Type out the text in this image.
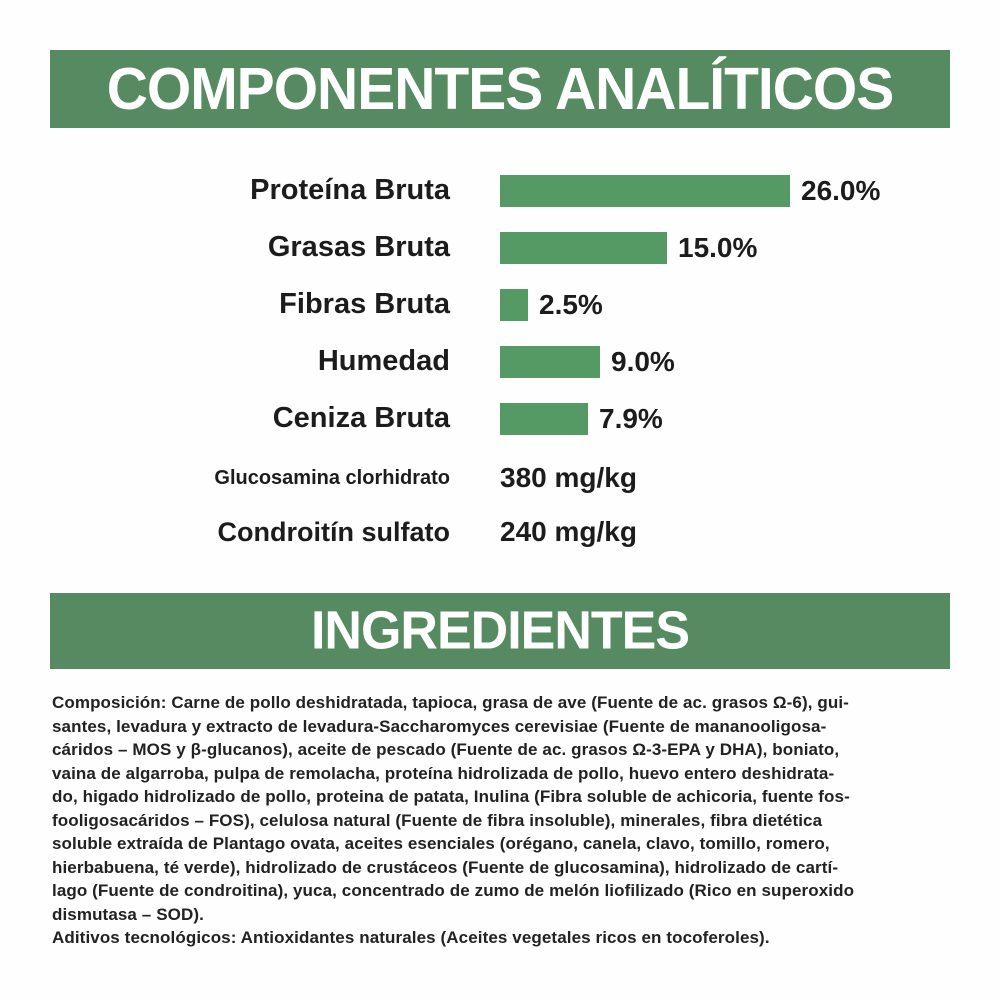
COMPONENTES ANALÍTICOS
Proteína Bruta	26.0%
Grasas Bruta	15.0%
Fibras Bruta	2.5%
Humedad	9.0%
Ceniza Bruta	7.9%
Glucosamina clorhidrato 380 mg/kg
Condroitín sulfato 240 mg/kg
INGREDIENTES
Composición: Carne de pollo deshidratada, tapioca, grasa de ave (Fuente de ac. grasos Ω-6), gui-
santes, levadura y extracto de levadura-Saccharomyces cerevisiae (Fuente de mananooligosa-
cáridos – MOS y β-glucanos), aceite de pescado (Fuente de ac. grasos Ω-3-EPA y DHA), boniato,
vaina de algarroba, pulpa de remolacha, proteína hidrolizada de pollo, huevo entero deshidrata-
do, higado hidrolizado de pollo, proteina de patata, Inulina (Fibra soluble de achicoria, fuente fos-
fooligosacáridos – FOS), celulosa natural (Fuente de fibra insoluble), minerales, fibra dietética
soluble extraída de Plantago ovata, aceites esenciales (orégano, canela, clavo, tomillo, romero,
hierbabuena, té verde), hidrolizado de crustáceos (Fuente de glucosamina), hidrolizado de cartí-
lago (Fuente de condroitina), yuca, concentrado de zumo de melón liofilizado (Rico en superoxido
dismutasa – SOD).
Aditivos tecnológicos: Antioxidantes naturales (Aceites vegetales ricos en tocoferoles).
